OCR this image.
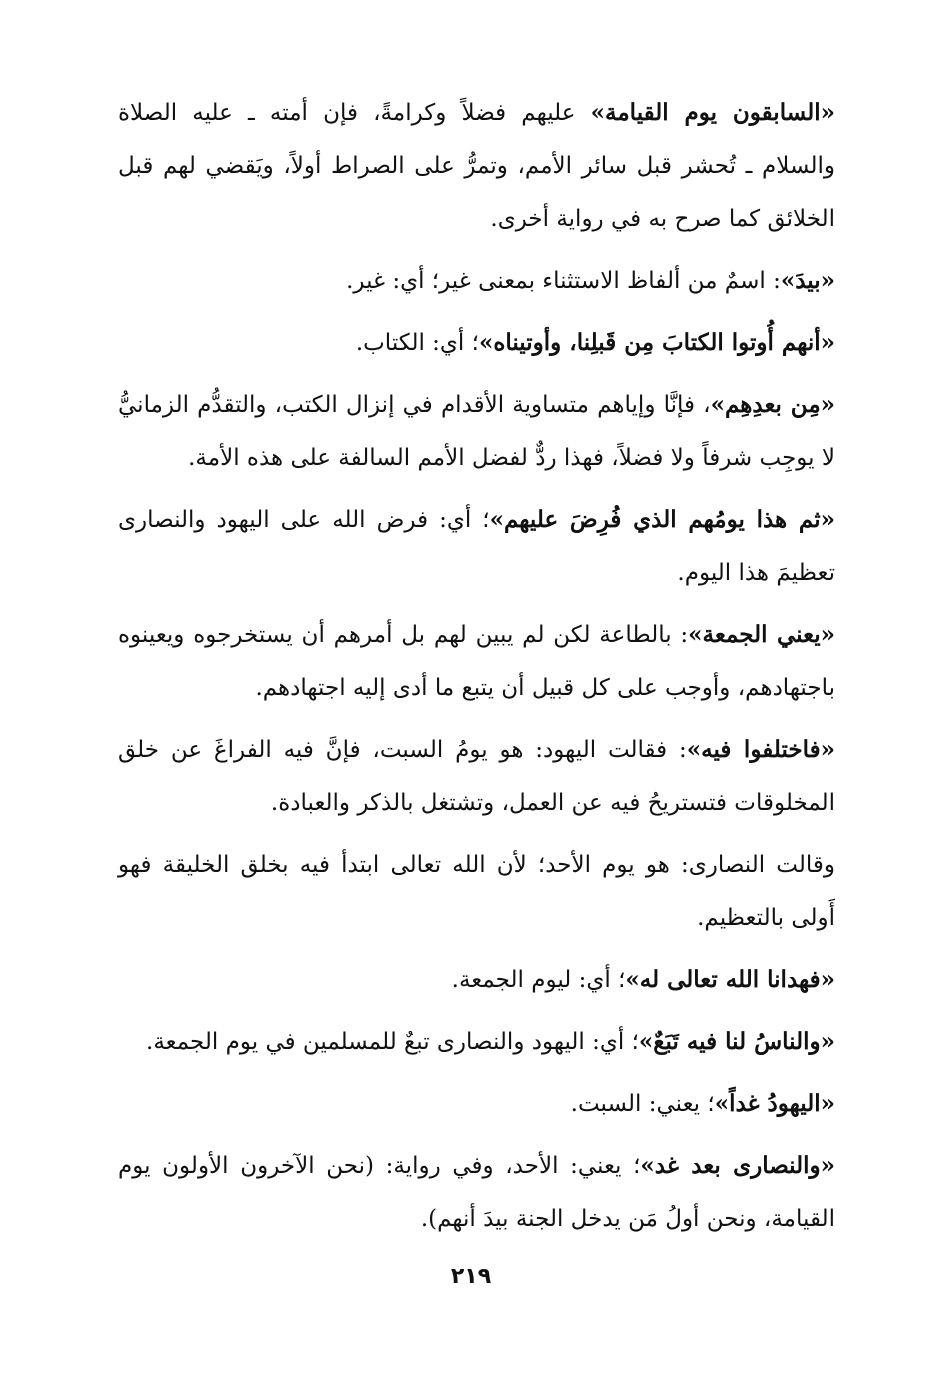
«السابقون يوم القيامة» عليهم فضلاً وكرامةً، فإن أمته ـ عليه الصلاة والسلام ـ تُحشر قبل سائر الأمم، وتمرُّ على الصراط أولاً، ويَقضي لهم قبل الخلائق كما صرح به في رواية أخرى.

«بيدَ»: اسمٌ من ألفاظ الاستثناء بمعنى غير؛ أي: غير.

«أنهم أُوتوا الكتابَ مِن قَبلِنا، وأوتيناه»؛ أي: الكتاب.

«مِن بعدِهِم»، فإنَّا وإياهم متساوية الأقدام في إنزال الكتب، والتقدُّم الزمانيُّ لا يوجِب شرفاً ولا فضلاً، فهذا ردٌّ لفضل الأمم السالفة على هذه الأمة.

«ثم هذا يومُهم الذي فُرِضَ عليهم»؛ أي: فرض الله على اليهود والنصارى تعظيمَ هذا اليوم.

«يعني الجمعة»: بالطاعة لكن لم يبين لهم بل أمرهم أن يستخرجوه ويعينوه باجتهادهم، وأوجب على كل قبيل أن يتبع ما أدى إليه اجتهادهم.

«فاختلفوا فيه»: فقالت اليهود: هو يومُ السبت، فإنَّ فيه الفراغَ عن خلق المخلوقات فتستريحُ فيه عن العمل، وتشتغل بالذكر والعبادة.

وقالت النصارى: هو يوم الأحد؛ لأن الله تعالى ابتدأ فيه بخلق الخليقة فهو أَولى بالتعظيم.

«فهدانا الله تعالى له»؛ أي: ليوم الجمعة.

«والناسُ لنا فيه تَبَعٌ»؛ أي: اليهود والنصارى تبعٌ للمسلمين في يوم الجمعة.

«اليهودُ غداً»؛ يعني: السبت.

«والنصارى بعد غد»؛ يعني: الأحد، وفي رواية: (نحن الآخرون الأولون يوم القيامة، ونحن أولُ مَن يدخل الجنة بيدَ أنهم).

٢١٩
